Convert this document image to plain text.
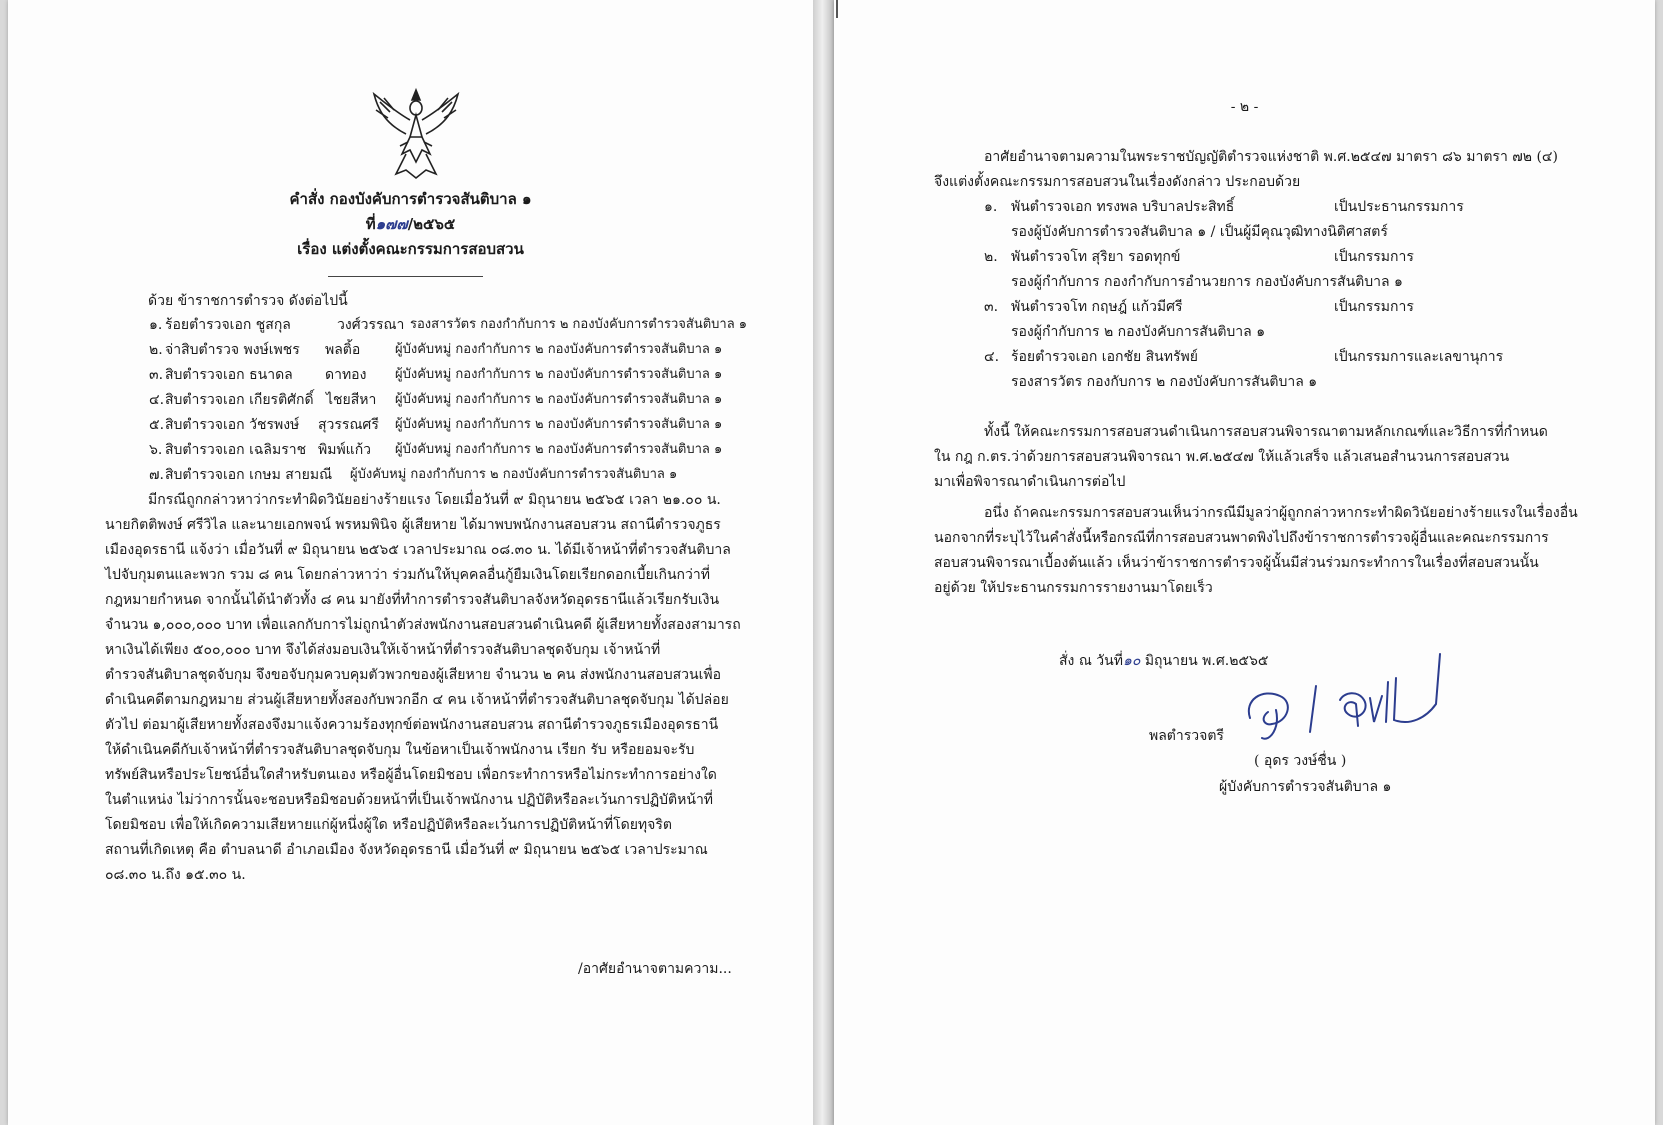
คำสั่ง กองบังคับการตำรวจสันติบาล ๑
ที่๑๗๗/๒๕๖๕
เรื่อง แต่งตั้งคณะกรรมการสอบสวน
ด้วย ข้าราชการตำรวจ ดังต่อไปนี้
๑. ร้อยตำรวจเอก ชูสกุล	วงศ์วรรณา รองสารวัตร กองกำกับการ ๒ กองบังคับการตำรวจสันติบาล ๑
๒. จ่าสิบตำรวจ พงษ์เพชร พลติ้อ	ผู้บังคับหมู่ กองกำกับการ ๒ กองบังคับการตำรวจสันติบาล ๑
๓. สิบตำรวจเอก ธนาดล ดาทอง ผู้บังคับหมู่ กองกำกับการ ๒ กองบังคับการตำรวจสันติบาล ๑
๔. สิบตำรวจเอก เกียรติศักดิ์ ไชยสีหา ผู้บังคับหมู่ กองกำกับการ ๒ กองบังคับการตำรวจสันติบาล ๑
๕. สิบตำรวจเอก วัชรพงษ์ สุวรรณศรี ผู้บังคับหมู่ กองกำกับการ ๒ กองบังคับการตำรวจสันติบาล ๑
๖. สิบตำรวจเอก เฉลิมราช พิมพ์แก้ว ผู้บังคับหมู่ กองกำกับการ ๒ กองบังคับการตำรวจสันติบาล ๑
๗. สิบตำรวจเอก เกษม สายมณี ผู้บังคับหมู่ กองกำกับการ ๒ กองบังคับการตำรวจสันติบาล ๑
มีกรณีถูกกล่าวหาว่ากระทำผิดวินัยอย่างร้ายแรง โดยเมื่อวันที่ ๙ มิถุนายน ๒๕๖๕ เวลา ๒๑.๐๐ น.
นายกิตติพงษ์ ศรีวิไล และนายเอกพจน์ พรหมพินิจ ผู้เสียหาย ได้มาพบพนักงานสอบสวน สถานีตำรวจภูธร
เมืองอุดรธานี แจ้งว่า เมื่อวันที่ ๙ มิถุนายน ๒๕๖๕ เวลาประมาณ ๐๘.๓๐ น. ได้มีเจ้าหน้าที่ตำรวจสันติบาล
ไปจับกุมตนและพวก รวม ๘ คน โดยกล่าวหาว่า ร่วมกันให้บุคคลอื่นกู้ยืมเงินโดยเรียกดอกเบี้ยเกินกว่าที่
กฎหมายกำหนด จากนั้นได้นำตัวทั้ง ๘ คน มายังที่ทำการตำรวจสันติบาลจังหวัดอุดรธานีแล้วเรียกรับเงิน
จำนวน ๑,๐๐๐,๐๐๐ บาท เพื่อแลกกับการไม่ถูกนำตัวส่งพนักงานสอบสวนดำเนินคดี ผู้เสียหายทั้งสองสามารถ
หาเงินได้เพียง ๕๐๐,๐๐๐ บาท จึงได้ส่งมอบเงินให้เจ้าหน้าที่ตำรวจสันติบาลชุดจับกุม เจ้าหน้าที่
ตำรวจสันติบาลชุดจับกุม จึงขอจับกุมควบคุมตัวพวกของผู้เสียหาย จำนวน ๒ คน ส่งพนักงานสอบสวนเพื่อ
ดำเนินคดีตามกฎหมาย ส่วนผู้เสียหายทั้งสองกับพวกอีก ๔ คน เจ้าหน้าที่ตำรวจสันติบาลชุดจับกุม ได้ปล่อย
ตัวไป ต่อมาผู้เสียหายทั้งสองจึงมาแจ้งความร้องทุกข์ต่อพนักงานสอบสวน สถานีตำรวจภูธรเมืองอุดรธานี
ให้ดำเนินคดีกับเจ้าหน้าที่ตำรวจสันติบาลชุดจับกุม ในข้อหาเป็นเจ้าพนักงาน เรียก รับ หรือยอมจะรับ
ทรัพย์สินหรือประโยชน์อื่นใดสำหรับตนเอง หรือผู้อื่นโดยมิชอบ เพื่อกระทำการหรือไม่กระทำการอย่างใด
ในตำแหน่ง ไม่ว่าการนั้นจะชอบหรือมิชอบด้วยหน้าที่เป็นเจ้าพนักงาน ปฏิบัติหรือละเว้นการปฏิบัติหน้าที่
โดยมิชอบ เพื่อให้เกิดความเสียหายแก่ผู้หนึ่งผู้ใด หรือปฏิบัติหรือละเว้นการปฏิบัติหน้าที่โดยทุจริต
สถานที่เกิดเหตุ คือ ตำบลนาดี อำเภอเมือง จังหวัดอุดรธานี เมื่อวันที่ ๙ มิถุนายน ๒๕๖๕ เวลาประมาณ
๐๘.๓๐ น.ถึง ๑๕.๓๐ น.
/อาศัยอำนาจตามความ...
- ๒ -
อาศัยอำนาจตามความในพระราชบัญญัติตำรวจแห่งชาติ พ.ศ.๒๕๔๗ มาตรา ๘๖ มาตรา ๗๒ (๔)
จึงแต่งตั้งคณะกรรมการสอบสวนในเรื่องดังกล่าว ประกอบด้วย
๑. พันตำรวจเอก ทรงพล บริบาลประสิทธิ์	เป็นประธานกรรมการ
รองผู้บังคับการตำรวจสันติบาล ๑ / เป็นผู้มีคุณวุฒิทางนิติศาสตร์
๒. พันตำรวจโท สุริยา รอดทุกข์	เป็นกรรมการ
รองผู้กำกับการ กองกำกับการอำนวยการ กองบังคับการสันติบาล ๑
๓. พันตำรวจโท กฤษฎ์ แก้วมีศรี	เป็นกรรมการ
รองผู้กำกับการ ๒ กองบังคับการสันติบาล ๑
๔. ร้อยตำรวจเอก เอกชัย สินทรัพย์	เป็นกรรมการและเลขานุการ
รองสารวัตร กองกับการ ๒ กองบังคับการสันติบาล ๑
ทั้งนี้ ให้คณะกรรมการสอบสวนดำเนินการสอบสวนพิจารณาตามหลักเกณฑ์และวิธีการที่กำหนด
ใน กฎ ก.ตร.ว่าด้วยการสอบสวนพิจารณา พ.ศ.๒๕๔๗ ให้แล้วเสร็จ แล้วเสนอสำนวนการสอบสวน
มาเพื่อพิจารณาดำเนินการต่อไป
อนึ่ง ถ้าคณะกรรมการสอบสวนเห็นว่ากรณีมีมูลว่าผู้ถูกกล่าวหากระทำผิดวินัยอย่างร้ายแรงในเรื่องอื่น
นอกจากที่ระบุไว้ในคำสั่งนี้หรือกรณีที่การสอบสวนพาดพิงไปถึงข้าราชการตำรวจผู้อื่นและคณะกรรมการ
สอบสวนพิจารณาเบื้องต้นแล้ว เห็นว่าข้าราชการตำรวจผู้นั้นมีส่วนร่วมกระทำการในเรื่องที่สอบสวนนั้น
อยู่ด้วย ให้ประธานกรรมการรายงานมาโดยเร็ว
สั่ง ณ วันที่๑๐ มิถุนายน พ.ศ.๒๕๖๕
พลตำรวจตรี
( อุดร วงษ์ชื่น )
ผู้บังคับการตำรวจสันติบาล ๑
